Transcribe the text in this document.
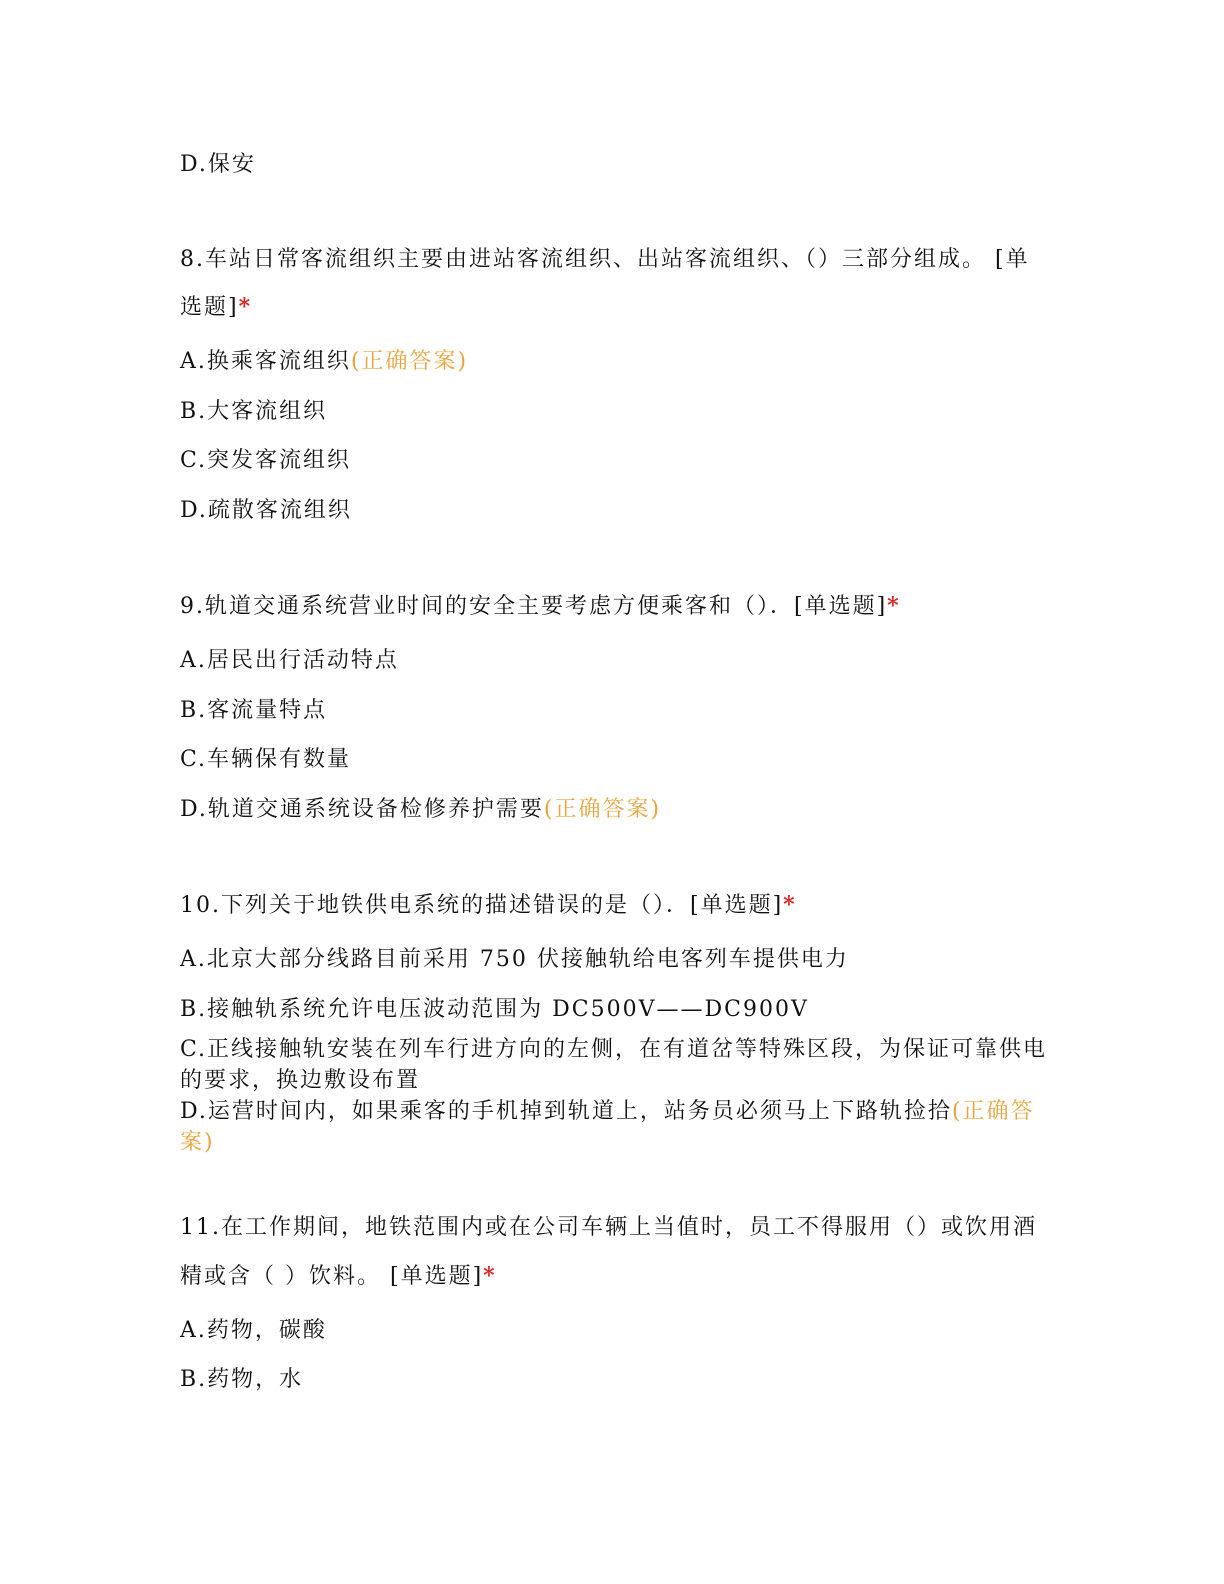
D.保安
8.车站日常客流组织主要由进站客流组织、出站客流组织、（）三部分组成。 [单
选题]*
A.换乘客流组织(正确答案)
B.大客流组织
C.突发客流组织
D.疏散客流组织
9.轨道交通系统营业时间的安全主要考虑方便乘客和（）．[单选题]*
A.居民出行活动特点
B.客流量特点
C.车辆保有数量
D.轨道交通系统设备检修养护需要(正确答案)
10.下列关于地铁供电系统的描述错误的是（）．[单选题]*
A.北京大部分线路目前采用 750 伏接触轨给电客列车提供电力
B.接触轨系统允许电压波动范围为 DC500V——DC900V
C.正线接触轨安装在列车行进方向的左侧，在有道岔等特殊区段，为保证可靠供电
的要求，换边敷设布置
D.运营时间内，如果乘客的手机掉到轨道上，站务员必须马上下路轨捡拾(正确答
案)
11.在工作期间，地铁范围内或在公司车辆上当值时，员工不得服用（）或饮用酒
精或含（ ）饮料。 [单选题]*
A.药物，碳酸
B.药物，水
